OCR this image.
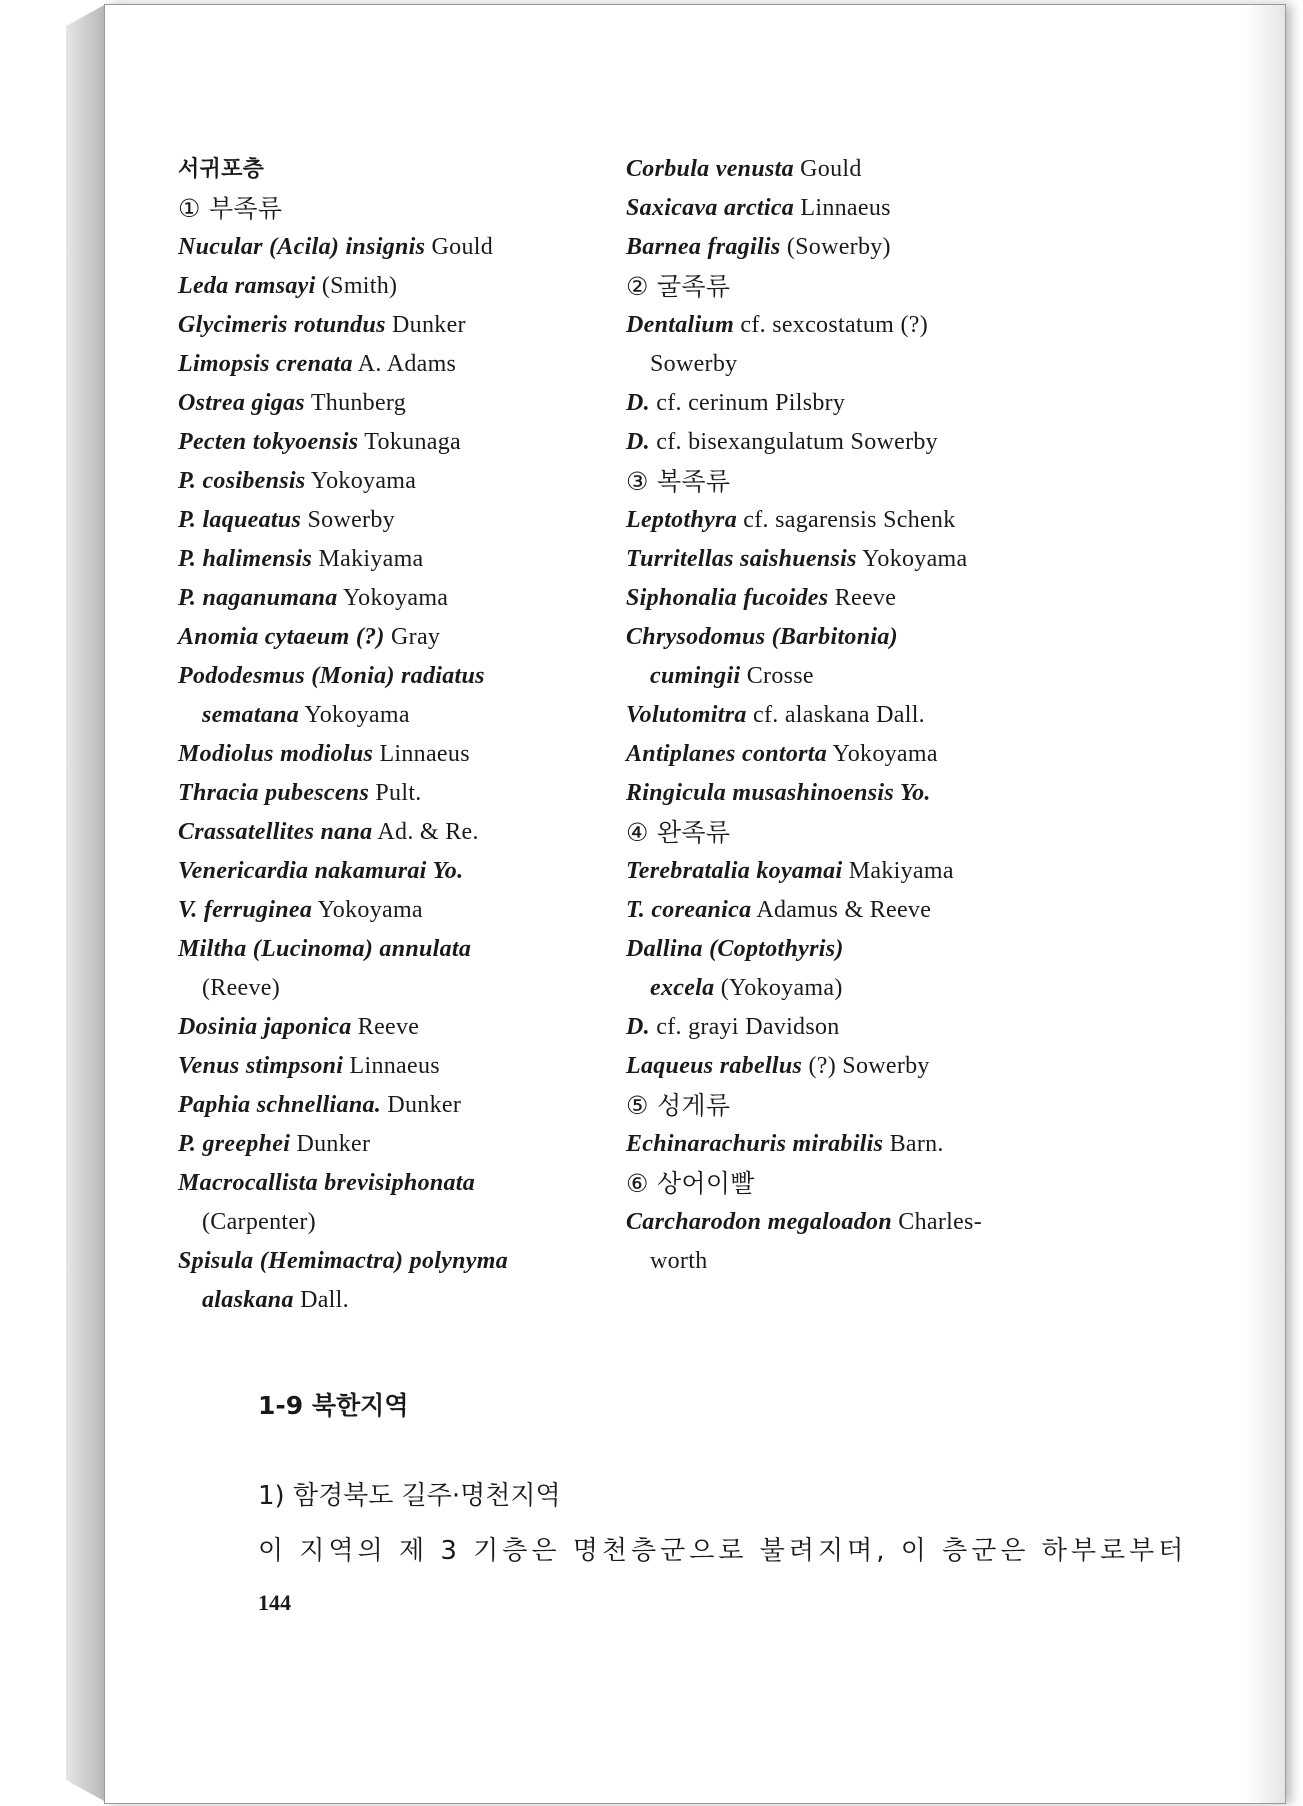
서귀포층
① 부족류
Nucular (Acila) insignis Gould
Leda ramsayi (Smith)
Glycimeris rotundus Dunker
Limopsis crenata A. Adams
Ostrea gigas Thunberg
Pecten tokyoensis Tokunaga
P. cosibensis Yokoyama
P. laqueatus Sowerby
P. halimensis Makiyama
P. naganumana Yokoyama
Anomia cytaeum (?) Gray
Pododesmus (Monia) radiatus
sematana Yokoyama
Modiolus modiolus Linnaeus
Thracia pubescens Pult.
Crassatellites nana Ad. & Re.
Venericardia nakamurai Yo.
V. ferruginea Yokoyama
Miltha (Lucinoma) annulata
(Reeve)
Dosinia japonica Reeve
Venus stimpsoni Linnaeus
Paphia schnelliana. Dunker
P. greephei Dunker
Macrocallista brevisiphonata
(Carpenter)
Spisula (Hemimactra) polynyma
alaskana Dall.
Corbula venusta Gould
Saxicava arctica Linnaeus
Barnea fragilis (Sowerby)
② 굴족류
Dentalium cf. sexcostatum (?)
Sowerby
D. cf. cerinum Pilsbry
D. cf. bisexangulatum Sowerby
③ 복족류
Leptothyra cf. sagarensis Schenk
Turritellas saishuensis Yokoyama
Siphonalia fucoides Reeve
Chrysodomus (Barbitonia)
cumingii Crosse
Volutomitra cf. alaskana Dall.
Antiplanes contorta Yokoyama
Ringicula musashinoensis Yo.
④ 완족류
Terebratalia koyamai Makiyama
T. coreanica Adamus & Reeve
Dallina (Coptothyris)
excela (Yokoyama)
D. cf. grayi Davidson
Laqueus rabellus (?) Sowerby
⑤ 성게류
Echinarachuris mirabilis Barn.
⑥ 상어이빨
Carcharodon megaloadon Charles-
worth
1-9 북한지역
1) 함경북도 길주·명천지역
이 지역의 제 3 기층은 명천층군으로 불려지며, 이 층군은 하부로부터
144
